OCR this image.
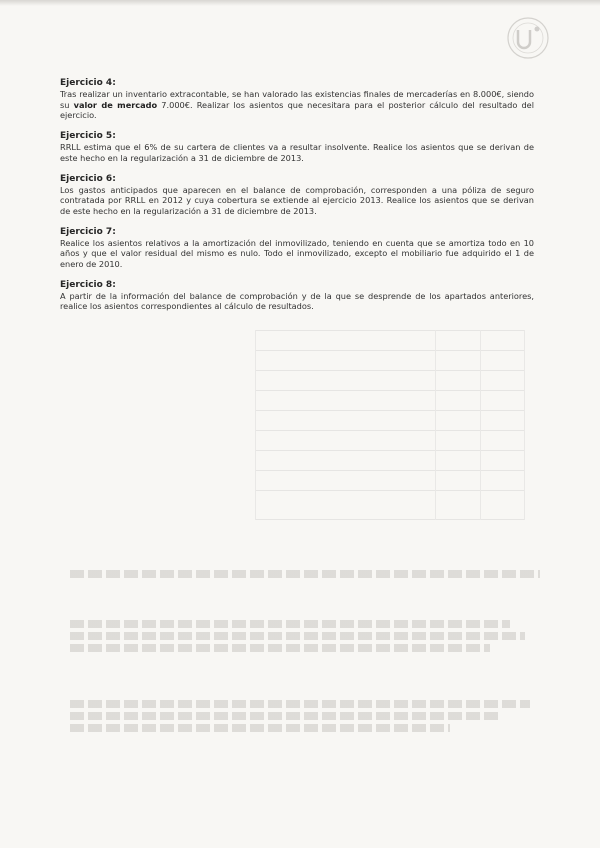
Ejercicio 4:

Tras realizar un inventario extracontable, se han valorado las existencias finales de mercaderías en 8.000€, siendo su valor de mercado 7.000€. Realizar los asientos que necesitara para el posterior cálculo del resultado del ejercicio.

Ejercicio 5:

RRLL estima que el 6% de su cartera de clientes va a resultar insolvente. Realice los asientos que se derivan de este hecho en la regularización a 31 de diciembre de 2013.

Ejercicio 6:

Los gastos anticipados que aparecen en el balance de comprobación, corresponden a una póliza de seguro contratada por RRLL en 2012 y cuya cobertura se extiende al ejercicio 2013. Realice los asientos que se derivan de este hecho en la regularización a 31 de diciembre de 2013.

Ejercicio 7:

Realice los asientos relativos a la amortización del inmovilizado, teniendo en cuenta que se amortiza todo en 10 años y que el valor residual del mismo es nulo. Todo el inmovilizado, excepto el mobiliario fue adquirido el 1 de enero de 2010.

Ejercicio 8:

A partir de la información del balance de comprobación y de la que se desprende de los apartados anteriores, realice los asientos correspondientes al cálculo de resultados.
